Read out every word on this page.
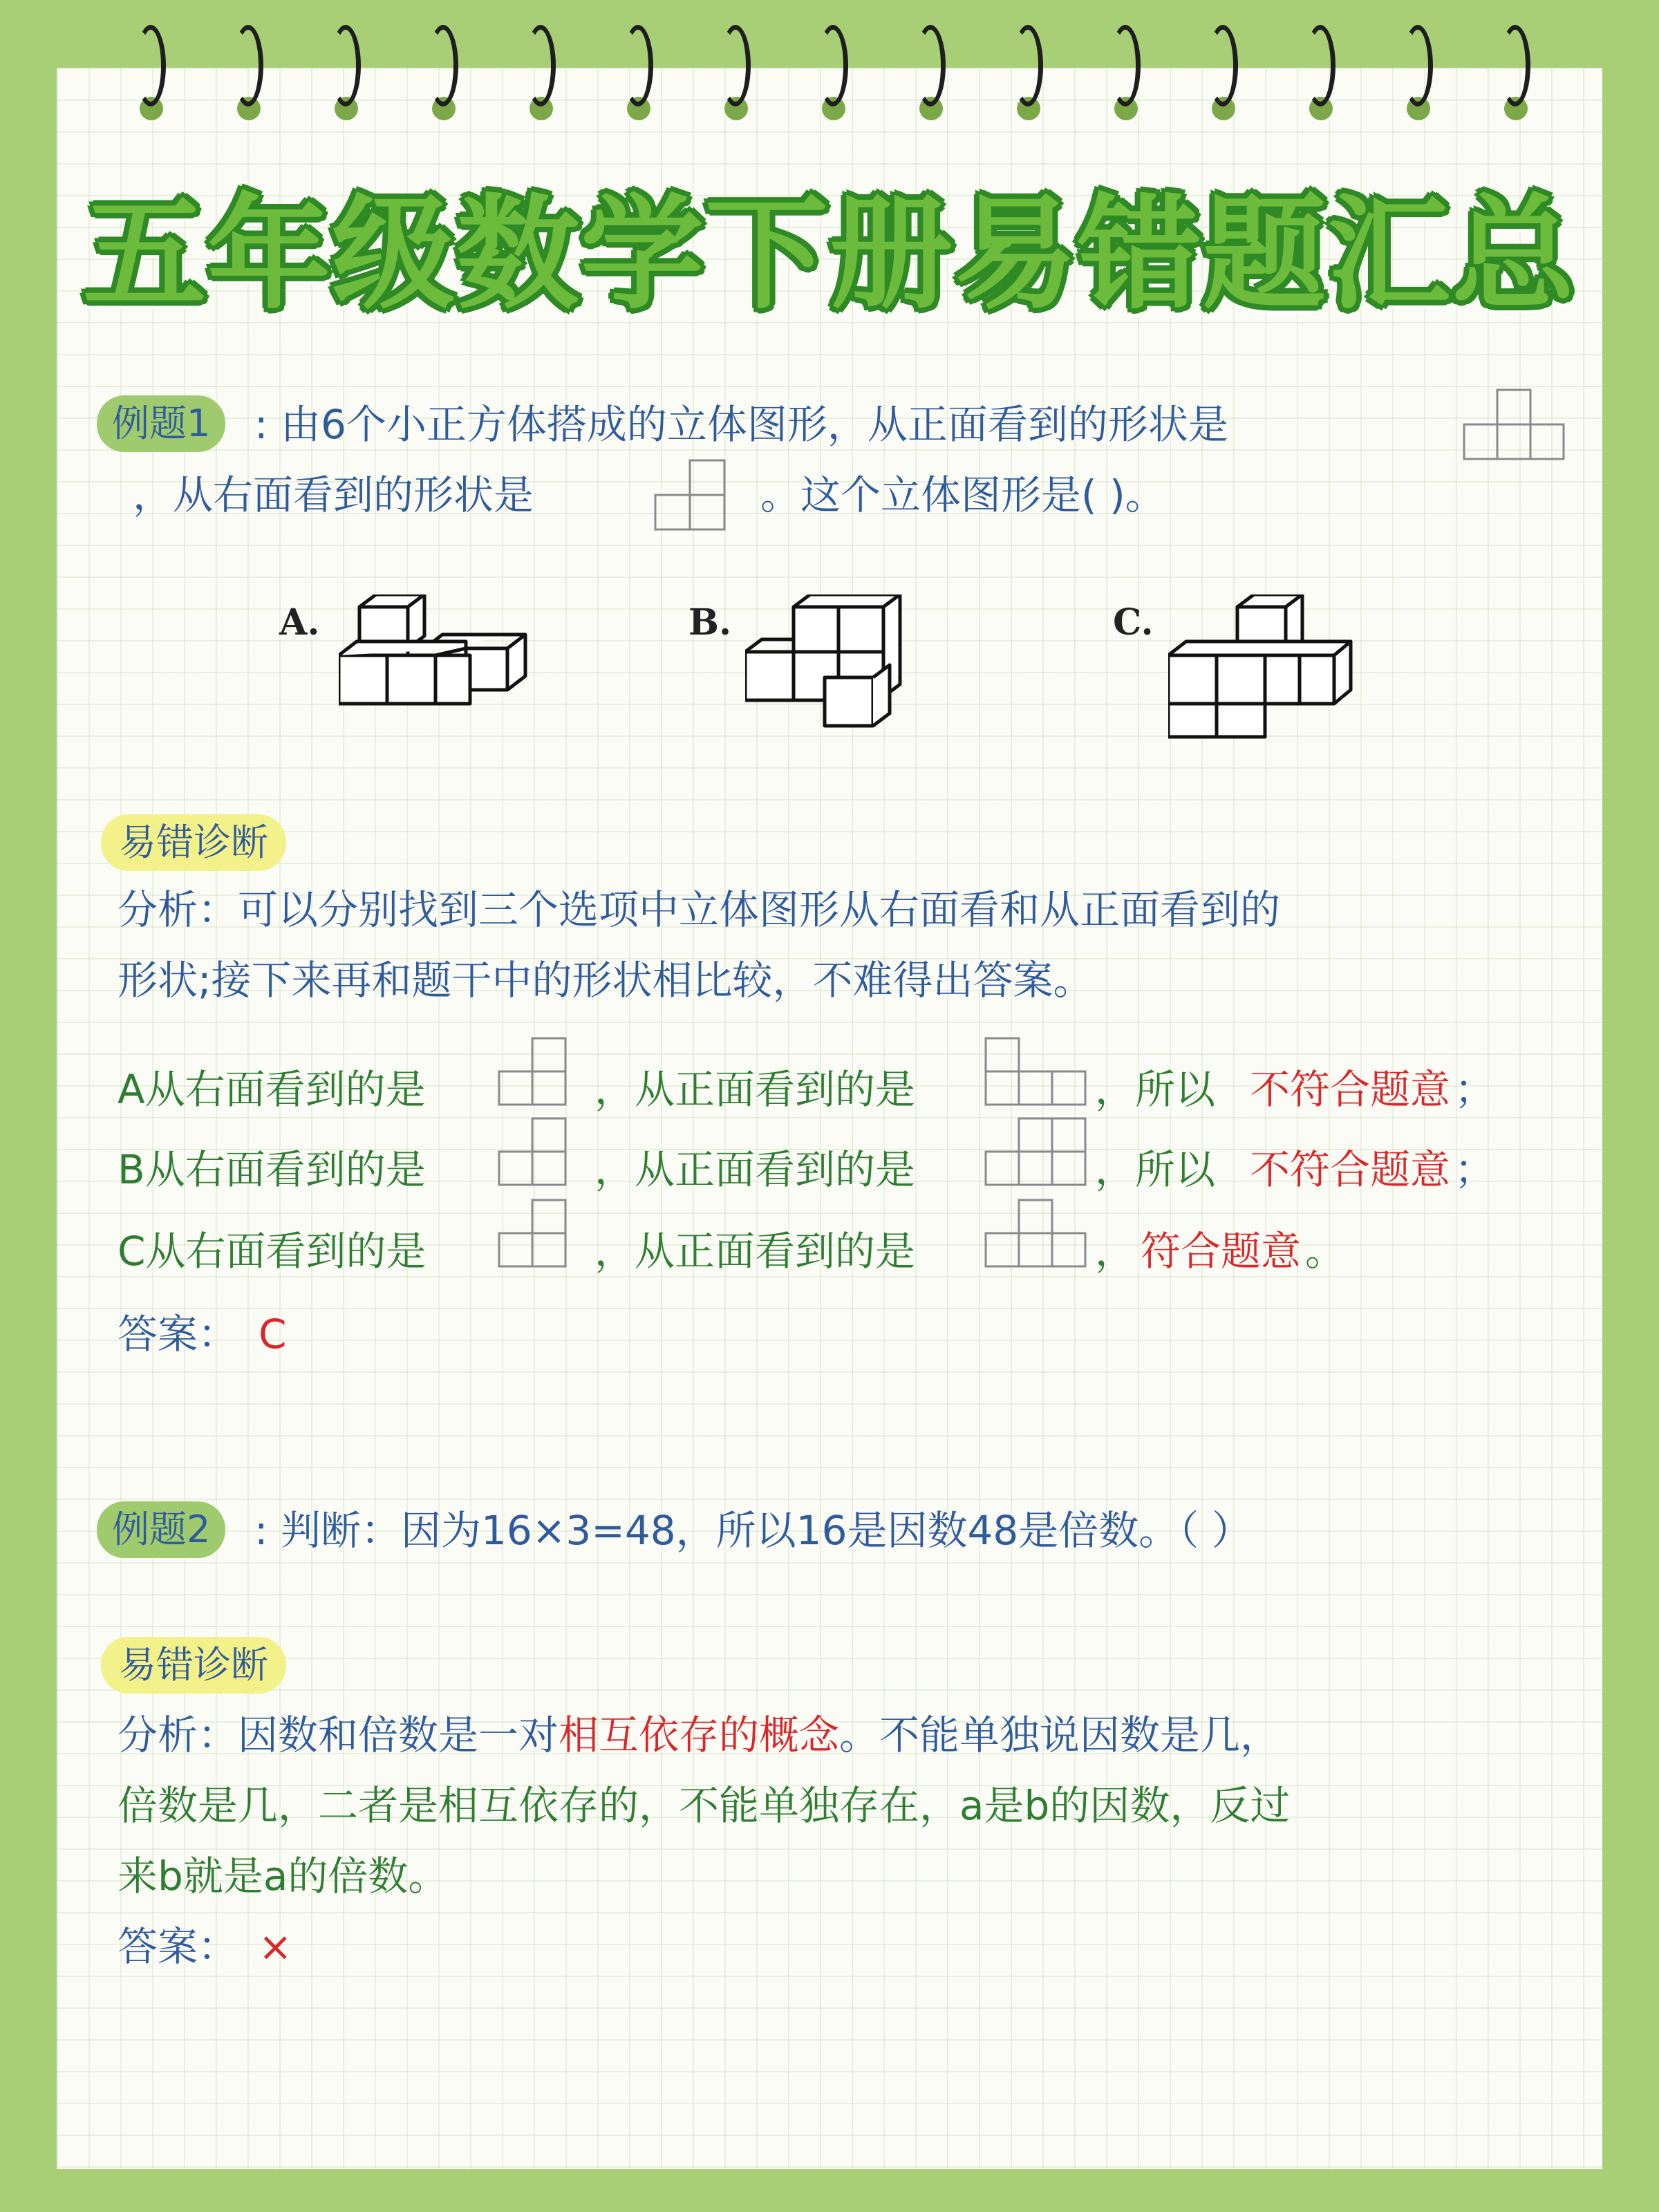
五年级数学下册易错题汇总
例题1	: 由6个小正方体搭成的立体图形，从正面看到的形状是
，从右面看到的形状是	。这个立体图形是( )。
A.	B.	C.
易错诊断
分析：可以分别找到三个选项中立体图形从右面看和从正面看到的
形状;接下来再和题干中的形状相比较，不难得出答案。
A从右面看到的是	，从正面看到的是	，所以 不符合题意 ；
B从右面看到的是	，从正面看到的是	，所以 不符合题意 ；
C从右面看到的是	，从正面看到的是	， 符合题意 。
答案： C
例题2	: 判断：因为16×3=48，所以16是因数48是倍数。（ ）
易错诊断
分析：因数和倍数是一对相互依存的概念。不能单独说因数是几，
倍数是几，二者是相互依存的，不能单独存在，a是b的因数，反过
来b就是a的倍数。
答案： ×
